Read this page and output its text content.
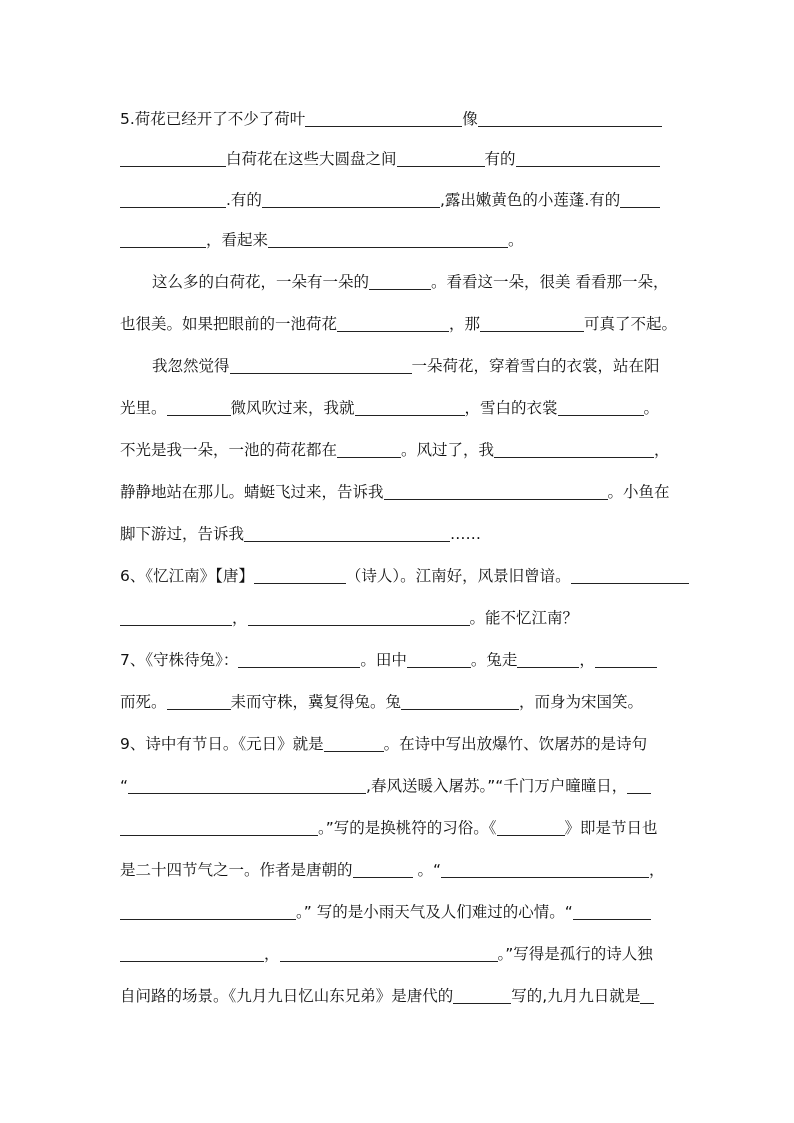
5.荷花已经开了不少了荷叶	像
白荷花在这些大圆盘之间	有的
.有的	,露出嫩黄色的小莲蓬.有的
，看起来	。
这么多的白荷花，一朵有一朵的	。看看这一朵，很美 看看那一朵，
也很美。如果把眼前的一池荷花	，那	可真了不起。
我忽然觉得	一朵荷花，穿着雪白的衣裳，站在阳
光里。	微风吹过来，我就	，雪白的衣裳	。
不光是我一朵，一池的荷花都在	。风过了，我	，
静静地站在那儿。蜻蜓飞过来，告诉我	。小鱼在
脚下游过，告诉我	……
6、《忆江南》【唐】	（诗人）。江南好，风景旧曾谙。
，	。能不忆江南？
7、《守株待兔》：	。田中	。兔走	，
而死。	耒而守株，冀复得兔。兔	，而身为宋国笑。
9、诗中有节日。《元日》就是	。在诗中写出放爆竹、饮屠苏的是诗句
“	,春风送暖入屠苏。”“千门万户曈曈日，
。”写的是换桃符的习俗。《	》即是节日也
是二十四节气之一。作者是唐朝的	。“	，
。” 写的是小雨天气及人们难过的心情。“
，	。”写得是孤行的诗人独
自问路的场景。《九月九日忆山东兄弟》是唐代的	写的,九月九日就是
